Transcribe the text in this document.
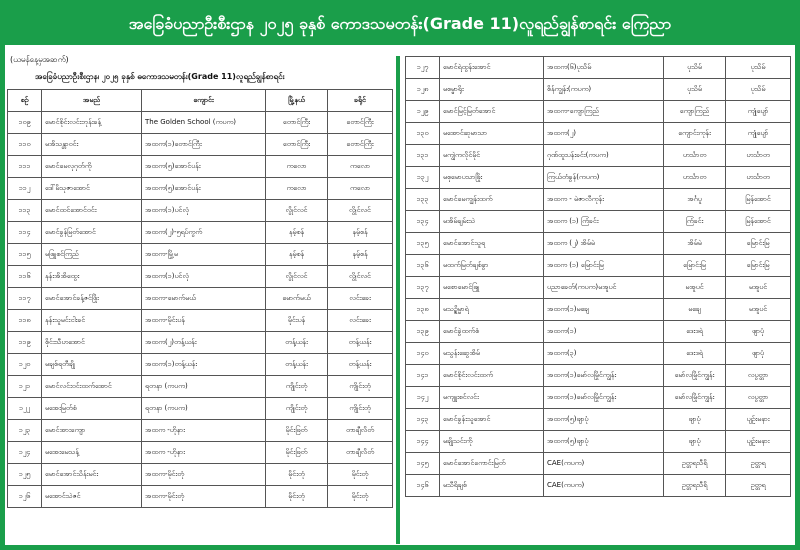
အခြေခံပညာဦးစီးဌာန ၂၀၂၅ ခုနှစ် ကောဒသမတန်း(Grade 11)လူရည်ချွန်စာရင်း ကြေညာ
(ယမန်နေ့မှအဆက်)
အခြေခံပညာဦးစီးဌာန၊ ၂၀၂၅ ခုနှစ် ဓကောဒသမတန်း(Grade 11)လူရည်ချွန်စာရင်း
စဉ်	အမည်	ကျောင်း	မြို့နယ်	ခရိုင်
၁၀၉	မောင်စိုင်းလင်းဘုန်းခန့်	The Golden School (ကပက)	တောင်ကြီး	တောင်ကြီး
၁၁၀	မအိသန္တာဝင်း	အထက(၁)တောင်ကြီး	တောင်ကြီး	တောင်ကြီး
၁၁၁	မောင်မေလုဂုတ်ကို	အထက(၅)အောင်ပန်း	ကလော	ကလော
၁၁၂	ဒေါ်မိသုဇာအောင်	အထက(၅)အောင်ပန်း	ကလော	ကလော
၁၁၃	မောင်ထင်အောင်ဝင်း	အထက(၁)ပင်လုံ	လွိုင်လင်	လွိုင်လင်
၁၁၄	မောင်ခွန်မြတ်အောင်	အထက(၂)-၅ရပ်ကွက်	နမ့်စန်	နမ့်စန်
၁၁၅	မဖြူစင်ကြည်	အထက-မြို့မ	နမ့်စန်	နမ့်စန်
၁၁၆	နန်းအိအိထွေး	အထက(၁)ပင်လုံ	လွိုင်လင်	လွိုင်လင်
၁၁၇	မောင်အောင်ခန့်ဇင်ဖြိုး	အထက-မောက်မယ်	မောက်မယ်	လင်းခေး
၁၁၈	နန်းသူမင်းငါးခင်	အထက-မိုင်းပန်	မိုင်းပန်	လင်းခေး
၁၁၉	စိုင်းသီဟအောင်	အထက(၂)တန့်ယန်း	တန့်ယန်း	တန့်ယန်း
၁၂၀	မချစ်ရတီချို	အထက(၁)တန့်ယန်း	တန့်ယန်း	တန့်ယန်း
၁၂၁	မောင်လင်းဝင်းထက်အောင်	ရတနာ (ကပက)	ကျိုင်းတုံ	ကျိုင်းတုံ
၁၂၂	မအေးမြတ်စံ	ရတနာ (ကပက)	ကျိုင်းတုံ	ကျိုင်းတုံ
၁၂၃	မောင်အားကျော	အထက -ဟိုနား	မိုင်းဖြတ်	တာချီလိတ်
၁၂၄	မအေးမေသန့်	အထက -ဟိုနား	မိုင်းဖြတ်	တာချီလိတ်
၁၂၅	မောင်အောင်သိန်းမင်း	အထက-မိုင်းတုံ	မိုင်းတုံ	မိုင်းတုံ
၁၂၆	မအောင်သဲဇင်	အထက-မိုင်းတုံ	မိုင်းတုံ	မိုင်းတုံ
၁၂၇	မောင်ရဲထွန်းအောင်	အထက(၆)ပုသိမ်	ပုသိမ်	ပုသိမ်
၁၂၈	မစမ္မာရိုး	စိန်ကျွန်း(ကပက)	ပုသိမ်	ပုသိမ်
၁၂၉	မောင်မြင့်မြတ်အောင်	အထက-ကျောကြည်	ကျောကြည်	ကျုံပျော်
၁၃၀	မအောင်ဆုမာသာ	အထက(၂)	ကျောင်းကုန်း	ကျုံပျော်
၁၃၁	မကျွဲကလိုင်မိုင်	ဂုဏ်ထူးပန်းခင်း(ကပက)	ဟင်္သာတ	ဟင်္သာတ
၁၃၂	မစုမောပသာဖြိုး	ကြယ်တံခွန်(ကပက)	ဟင်္သာတ	ဟင်္သာတ
၁၃၃	မောင်မေကျွန်းထက်	အထက - မဲဇာလီကုန်း	အင်္ဂပူ	မြန်အောင်
၁၃၄	မအိမ်ချမ်းသဲ	အထက (၁) ကြံခင်း	ကြံခင်း	မြန်အောင်
၁၃၅	မောင်အောင်သူရ	အထက (၂) အိမ်မဲ	အိမ်မဲ	မြောင်းမြ
၁၃၆	မထက်မြတ်ချစ်ခွာ	အထက (၁) မြောင်းမြ	မြောင်းမြ	မြောင်းမြ
၁၃၇	မစောမောင်ဖြူ	ပညာခေတ်(ကပက)မအူပင်	မအူပင်	မအူပင်
၁၃၈	မသဉ္စိမ္မာရဲ	အထက(၁)မချေ	မချေ	မအူပင်
၁၃၉	မောင်ခွဲထက်စံ	အထက(၁)	ဒေးဒရဲ	ဖျာပုံ
၁၄၀	မသွန်းဆွေအိမ်	အထက(၃)	ဒေးဒရဲ	ဖျာပုံ
၁၄၁	မောင်စိုင်းလင်းထက်	အထက(၁)မော်လမြိုင်ကျွန်း	မော်လမြိုင်ကျွန်း	လပွတ္တာ
၁၄၂	မကျူးစင်လင်း	အထက(၁)မော်လမြိုင်ကျွန်း	မော်လမြိုင်ကျွန်း	လပွတ္တာ
၁၄၃	မောင်ခွန်းသူအောင်	အထက(၅)ဖျာပုံ	ဖျာပုံ	ပျဉ်းမနား
၁၄၄	မချိုသင်းကို	အထက(၅)ဖျာပုံ	ဖျာပုံ	ပျဉ်းမနား
၁၄၅	မောင်အောင်ကောင်းမြတ်	CAE(ကပက)	ဥတ္တရသီရိ	ဥတ္တရ
၁၄၆	မသီရိချစ်	CAE(ကပက)	ဥတ္တရသီရိ	ဥတ္တရ
